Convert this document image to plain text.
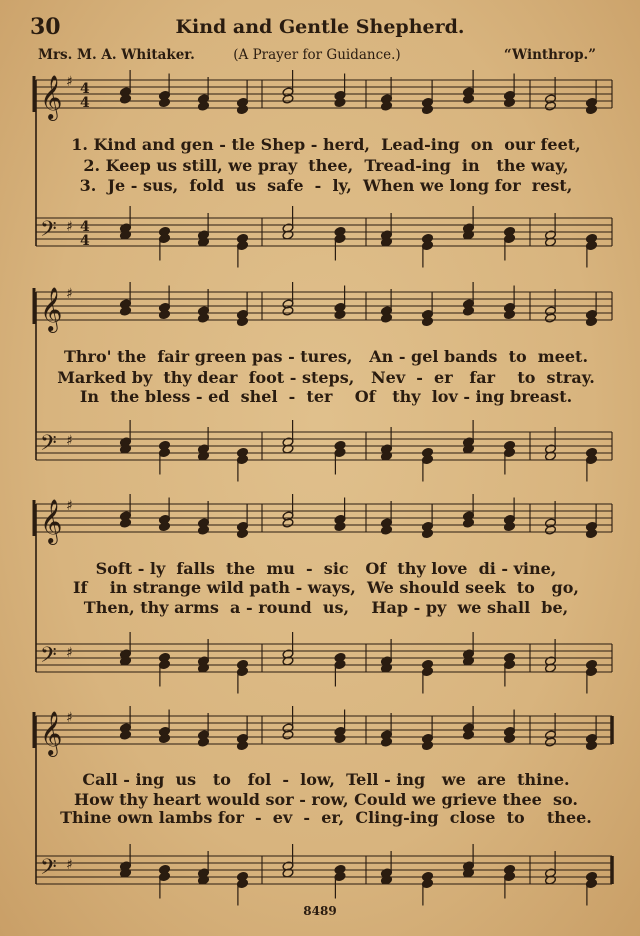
30	Kind and Gentle Shepherd.
Mrs. M. A. Whitaker.	(A Prayer for Guidance.)	“Winthrop.”
𝄞
𝄢
♯
♯
4
4
4
4
𝄞
𝄢
♯
♯
𝄞
𝄢
♯
♯
𝄞
𝄢
♯
♯
1. Kind and gen - tle Shep - herd,  Lead-ing  on  our feet,
2. Keep us still, we pray  thee,  Tread-ing  in   the way,
3.  Je - sus,  fold  us  safe  -  ly,  When we long for  rest,
Thro' the  fair green pas - tures,   An - gel bands  to  meet.
Marked by  thy dear  foot - steps,   Nev  -  er   far    to  stray.
In  the bless - ed  shel  -  ter    Of   thy  lov - ing breast.
Soft - ly  falls  the  mu  -  sic   Of  thy love  di - vine,
If    in strange wild path - ways,  We should seek  to   go,
Then, thy arms  a - round  us,    Hap - py  we shall  be,
Call - ing  us   to   fol  -  low,  Tell - ing   we  are  thine.
How thy heart would sor - row, Could we grieve thee  so.
Thine own lambs for  -  ev  -  er,  Cling-ing  close  to    thee.
8489
